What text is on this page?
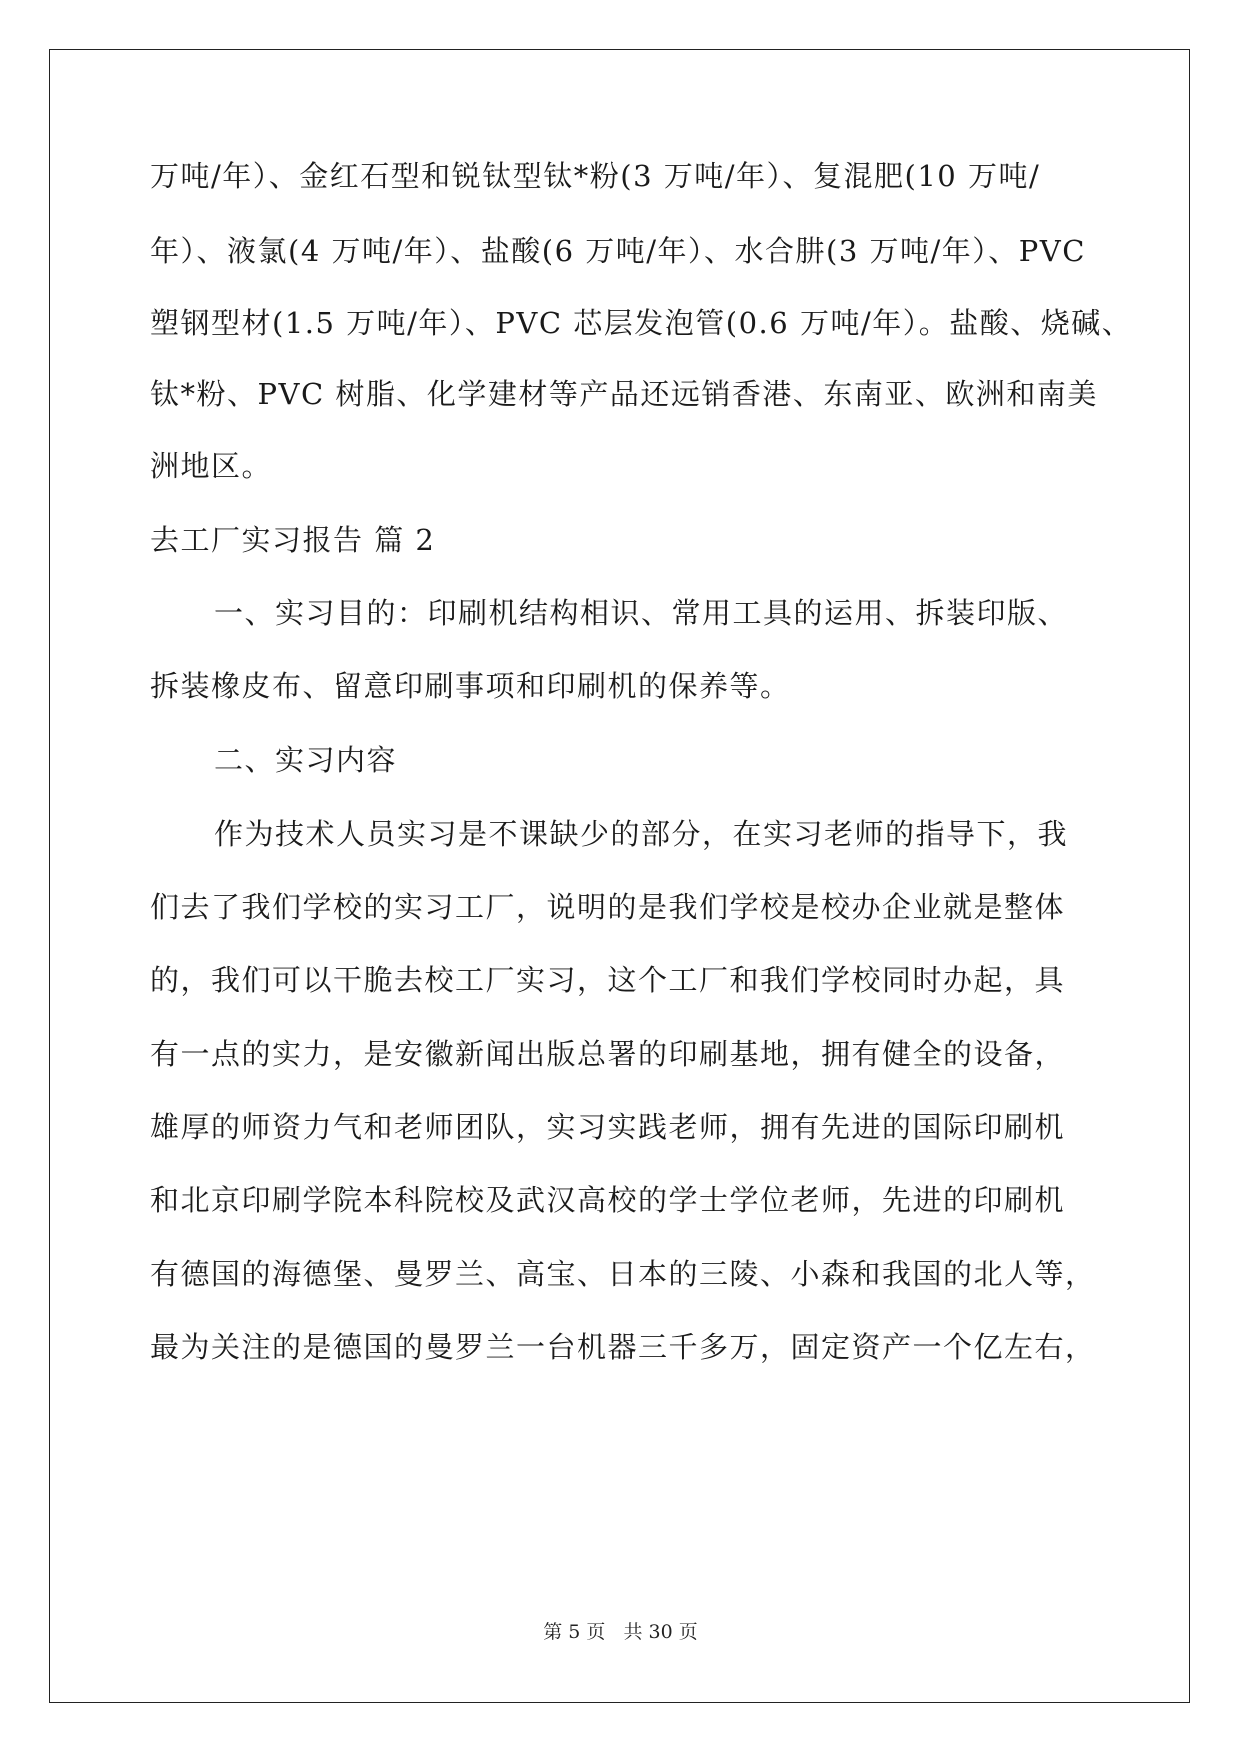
万吨/年）、金红石型和锐钛型钛*粉(3 万吨/年）、复混肥(10 万吨/
年）、液氯(4 万吨/年）、盐酸(6 万吨/年）、水合肼(3 万吨/年）、PVC
塑钢型材(1.5 万吨/年）、PVC 芯层发泡管(0.6 万吨/年）。盐酸、烧碱、
钛*粉、PVC 树脂、化学建材等产品还远销香港、东南亚、欧洲和南美
洲地区。
去工厂实习报告 篇 2
一、实习目的：印刷机结构相识、常用工具的运用、拆装印版、
拆装橡皮布、留意印刷事项和印刷机的保养等。
二、实习内容
作为技术人员实习是不课缺少的部分，在实习老师的指导下，我
们去了我们学校的实习工厂，说明的是我们学校是校办企业就是整体
的，我们可以干脆去校工厂实习，这个工厂和我们学校同时办起，具
有一点的实力，是安徽新闻出版总署的印刷基地，拥有健全的设备，
雄厚的师资力气和老师团队，实习实践老师，拥有先进的国际印刷机
和北京印刷学院本科院校及武汉高校的学士学位老师，先进的印刷机
有德国的海德堡、曼罗兰、高宝、日本的三陵、小森和我国的北人等，
最为关注的是德国的曼罗兰一台机器三千多万，固定资产一个亿左右，
第 5 页 共 30 页
